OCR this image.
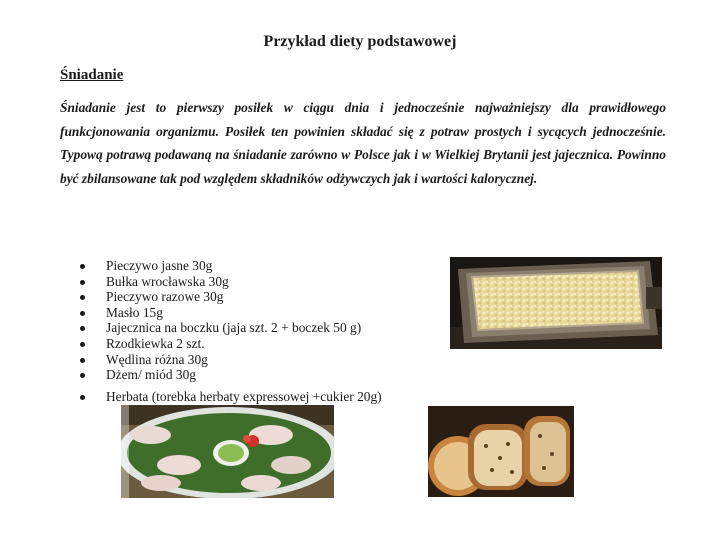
Przykład diety podstawowej
Śniadanie
Śniadanie jest to pierwszy posiłek w ciągu dnia i jednocześnie najważniejszy dla prawidłowego funkcjonowania organizmu. Posiłek ten powinien składać się z potraw prostych i sycących jednocześnie. Typową potrawą podawaną na śniadanie zarówno w Polsce jak i w Wielkiej Brytanii jest jajecznica. Powinno być zbilansowane tak pod względem składników odżywczych jak i wartości kalorycznej.
Pieczywo jasne 30g
Bułka wrocławska 30g
Pieczywo razowe 30g
Masło 15g
Jajecznica na boczku (jaja szt. 2 + boczek 50 g)
Rzodkiewka 2 szt.
Wędlina różna 30g
Dżem/ miód 30g
Herbata (torebka herbaty expressowej +cukier 20g)
